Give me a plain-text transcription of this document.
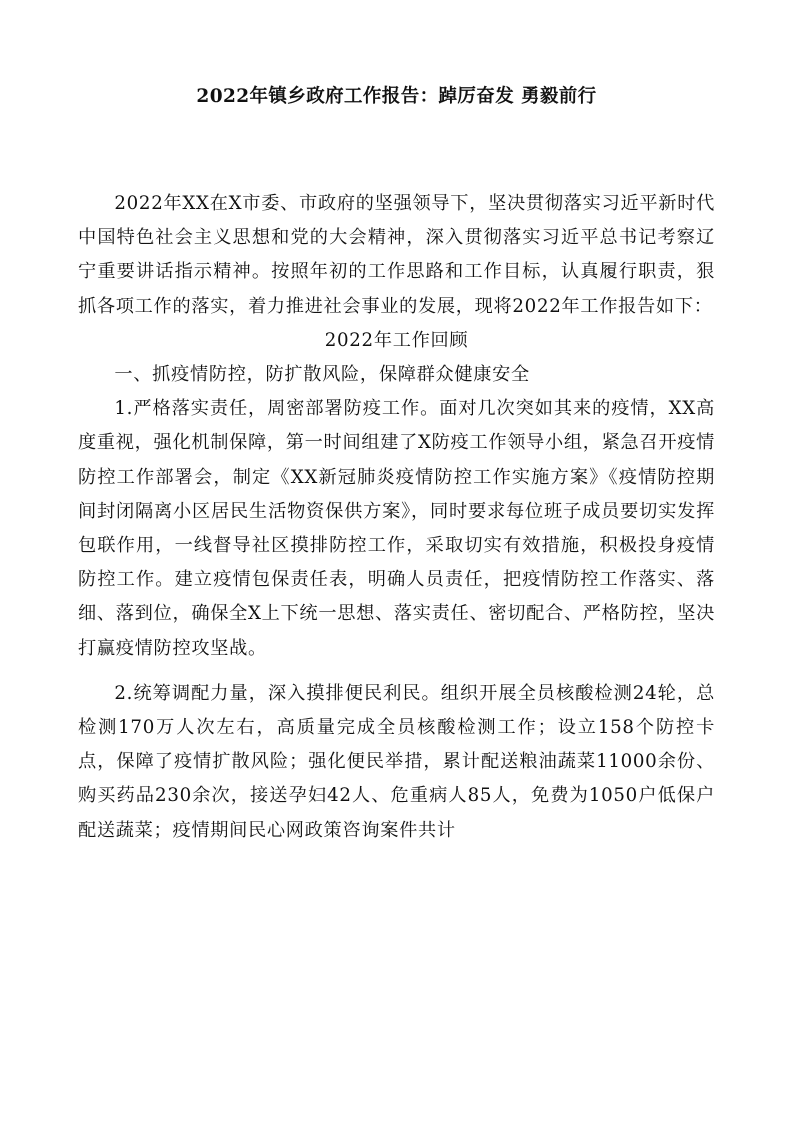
2022年镇乡政府工作报告：踔厉奋发 勇毅前行

2022年XX在X市委、市政府的坚强领导下，坚决贯彻落实习近平新时代中国特色社会主义思想和党的大会精神，深入贯彻落实习近平总书记考察辽宁重要讲话指示精神。按照年初的工作思路和工作目标，认真履行职责，狠抓各项工作的落实，着力推进社会事业的发展，现将2022年工作报告如下：

2022年工作回顾

一、抓疫情防控，防扩散风险，保障群众健康安全

1.严格落实责任，周密部署防疫工作。面对几次突如其来的疫情，XX高度重视，强化机制保障，第一时间组建了X防疫工作领导小组，紧急召开疫情防控工作部署会，制定《XX新冠肺炎疫情防控工作实施方案》《疫情防控期间封闭隔离小区居民生活物资保供方案》，同时要求每位班子成员要切实发挥包联作用，一线督导社区摸排防控工作，采取切实有效措施，积极投身疫情防控工作。建立疫情包保责任表，明确人员责任，把疫情防控工作落实、落细、落到位，确保全X上下统一思想、落实责任、密切配合、严格防控，坚决打赢疫情防控攻坚战。

2.统筹调配力量，深入摸排便民利民。组织开展全员核酸检测24轮，总检测170万人次左右，高质量完成全员核酸检测工作；设立158个防控卡点，保障了疫情扩散风险；强化便民举措，累计配送粮油蔬菜11000余份、购买药品230余次，接送孕妇42人、危重病人85人，免费为1050户低保户配送蔬菜；疫情期间民心网政策咨询案件共计
